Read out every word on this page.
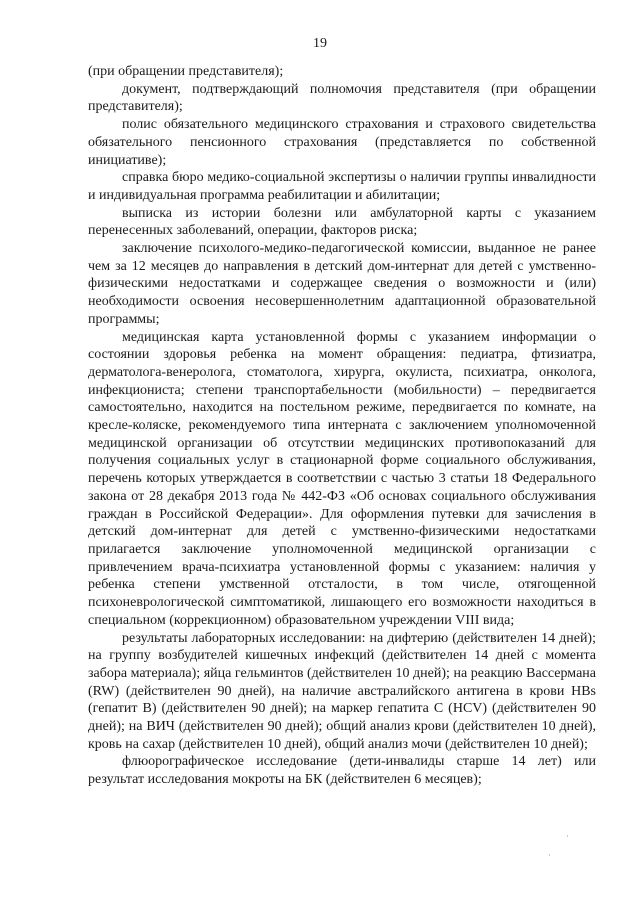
19

(при обращении представителя);

документ, подтверждающий полномочия представителя (при обращении представителя);

полис обязательного медицинского страхования и страхового свидетельства обязательного пенсионного страхования (представляется по собственной инициативе);

справка бюро медико-социальной экспертизы о наличии группы инвалидности и индивидуальная программа реабилитации и абилитации;

выписка из истории болезни или амбулаторной карты с указанием перенесенных заболеваний, операции, факторов риска;

заключение психолого-медико-педагогической комиссии, выданное не ранее чем за 12 месяцев до направления в детский дом-интернат для детей с умственно-физическими недостатками и содержащее сведения о возможности и (или) необходимости освоения несовершеннолетним адаптационной образовательной программы;

медицинская карта установленной формы с указанием информации о состоянии здоровья ребенка на момент обращения: педиатра, фтизиатра, дерматолога-венеролога, стоматолога, хирурга, окулиста, психиатра, онколога, инфекциониста; степени транспортабельности (мобильности) – передвигается самостоятельно, находится на постельном режиме, передвигается по комнате, на кресле-коляске, рекомендуемого типа интерната с заключением уполномоченной медицинской организации об отсутствии медицинских противопоказаний для получения социальных услуг в стационарной форме социального обслуживания, перечень которых утверждается в соответствии с частью 3 статьи 18 Федерального закона от 28 декабря 2013 года № 442-ФЗ «Об основах социального обслуживания граждан в Российской Федерации». Для оформления путевки для зачисления в детский дом-интернат для детей с умственно-физическими недостатками прилагается заключение уполномоченной медицинской организации с привлечением врача-психиатра установленной формы с указанием: наличия у ребенка степени умственной отсталости, в том числе, отягощенной психоневрологической симптоматикой, лишающего его возможности находиться в специальном (коррекционном) образовательном учреждении VIII вида;

результаты лабораторных исследовании: на дифтерию (действителен 14 дней); на группу возбудителей кишечных инфекций (действителен 14 дней с момента забора материала); яйца гельминтов (действителен 10 дней); на реакцию Вассермана (RW) (действителен 90 дней), на наличие австралийского антигена в крови HBs (гепатит B) (действителен 90 дней); на маркер гепатита C (HCV) (действителен 90 дней); на ВИЧ (действителен 90 дней); общий анализ крови (действителен 10 дней), кровь на сахар (действителен 10 дней), общий анализ мочи (действителен 10 дней);

флюорографическое исследование (дети-инвалиды старше 14 лет) или результат исследования мокроты на БК (действителен 6 месяцев);

·
·
